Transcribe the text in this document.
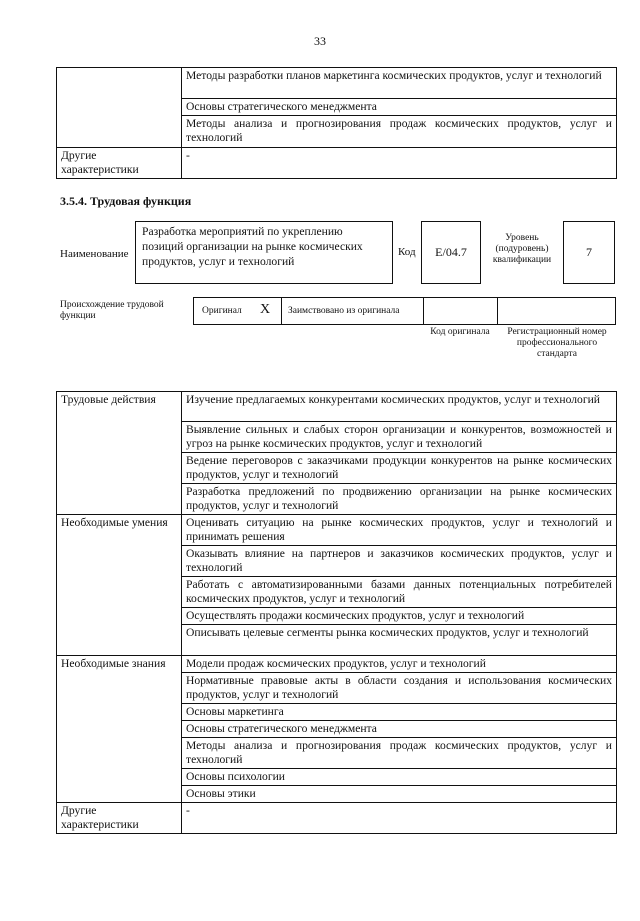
33
	Методы разработки планов маркетинга космических продуктов, услуг и технологий
	Основы стратегического менеджмента
	Методы анализа и прогнозирования продаж космических продуктов, услуг и технологий
Другие характеристики	-
3.5.4. Трудовая функция
Наименование
Разработка мероприятий по укреплению позиций организации на рынке космических продуктов, услуг и технологий
Код E/04.7
Уровень (подуровень) квалификации
7
Происхождение трудовой функции	Оригинал X Заимствовано из оригинала
Код оригинала	Регистрационный номер профессионального стандарта
Трудовые действия	Изучение предлагаемых конкурентами космических продуктов, услуг и технологий
	Выявление сильных и слабых сторон организации и конкурентов, возможностей и угроз на рынке космических продуктов, услуг и технологий
	Ведение переговоров с заказчиками продукции конкурентов на рынке космических продуктов, услуг и технологий
	Разработка предложений по продвижению организации на рынке космических продуктов, услуг и технологий
Необходимые умения	Оценивать ситуацию на рынке космических продуктов, услуг и технологий и принимать решения
	Оказывать влияние на партнеров и заказчиков космических продуктов, услуг и технологий
	Работать с автоматизированными базами данных потенциальных потребителей космических продуктов, услуг и технологий
	Осуществлять продажи космических продуктов, услуг и технологий
	Описывать целевые сегменты рынка космических продуктов, услуг и технологий
Необходимые знания	Модели продаж космических продуктов, услуг и технологий
	Нормативные правовые акты в области создания и использования космических продуктов, услуг и технологий
	Основы маркетинга
	Основы стратегического менеджмента
	Методы анализа и прогнозирования продаж космических продуктов, услуг и технологий
	Основы психологии
	Основы этики
Другие характеристики	-
